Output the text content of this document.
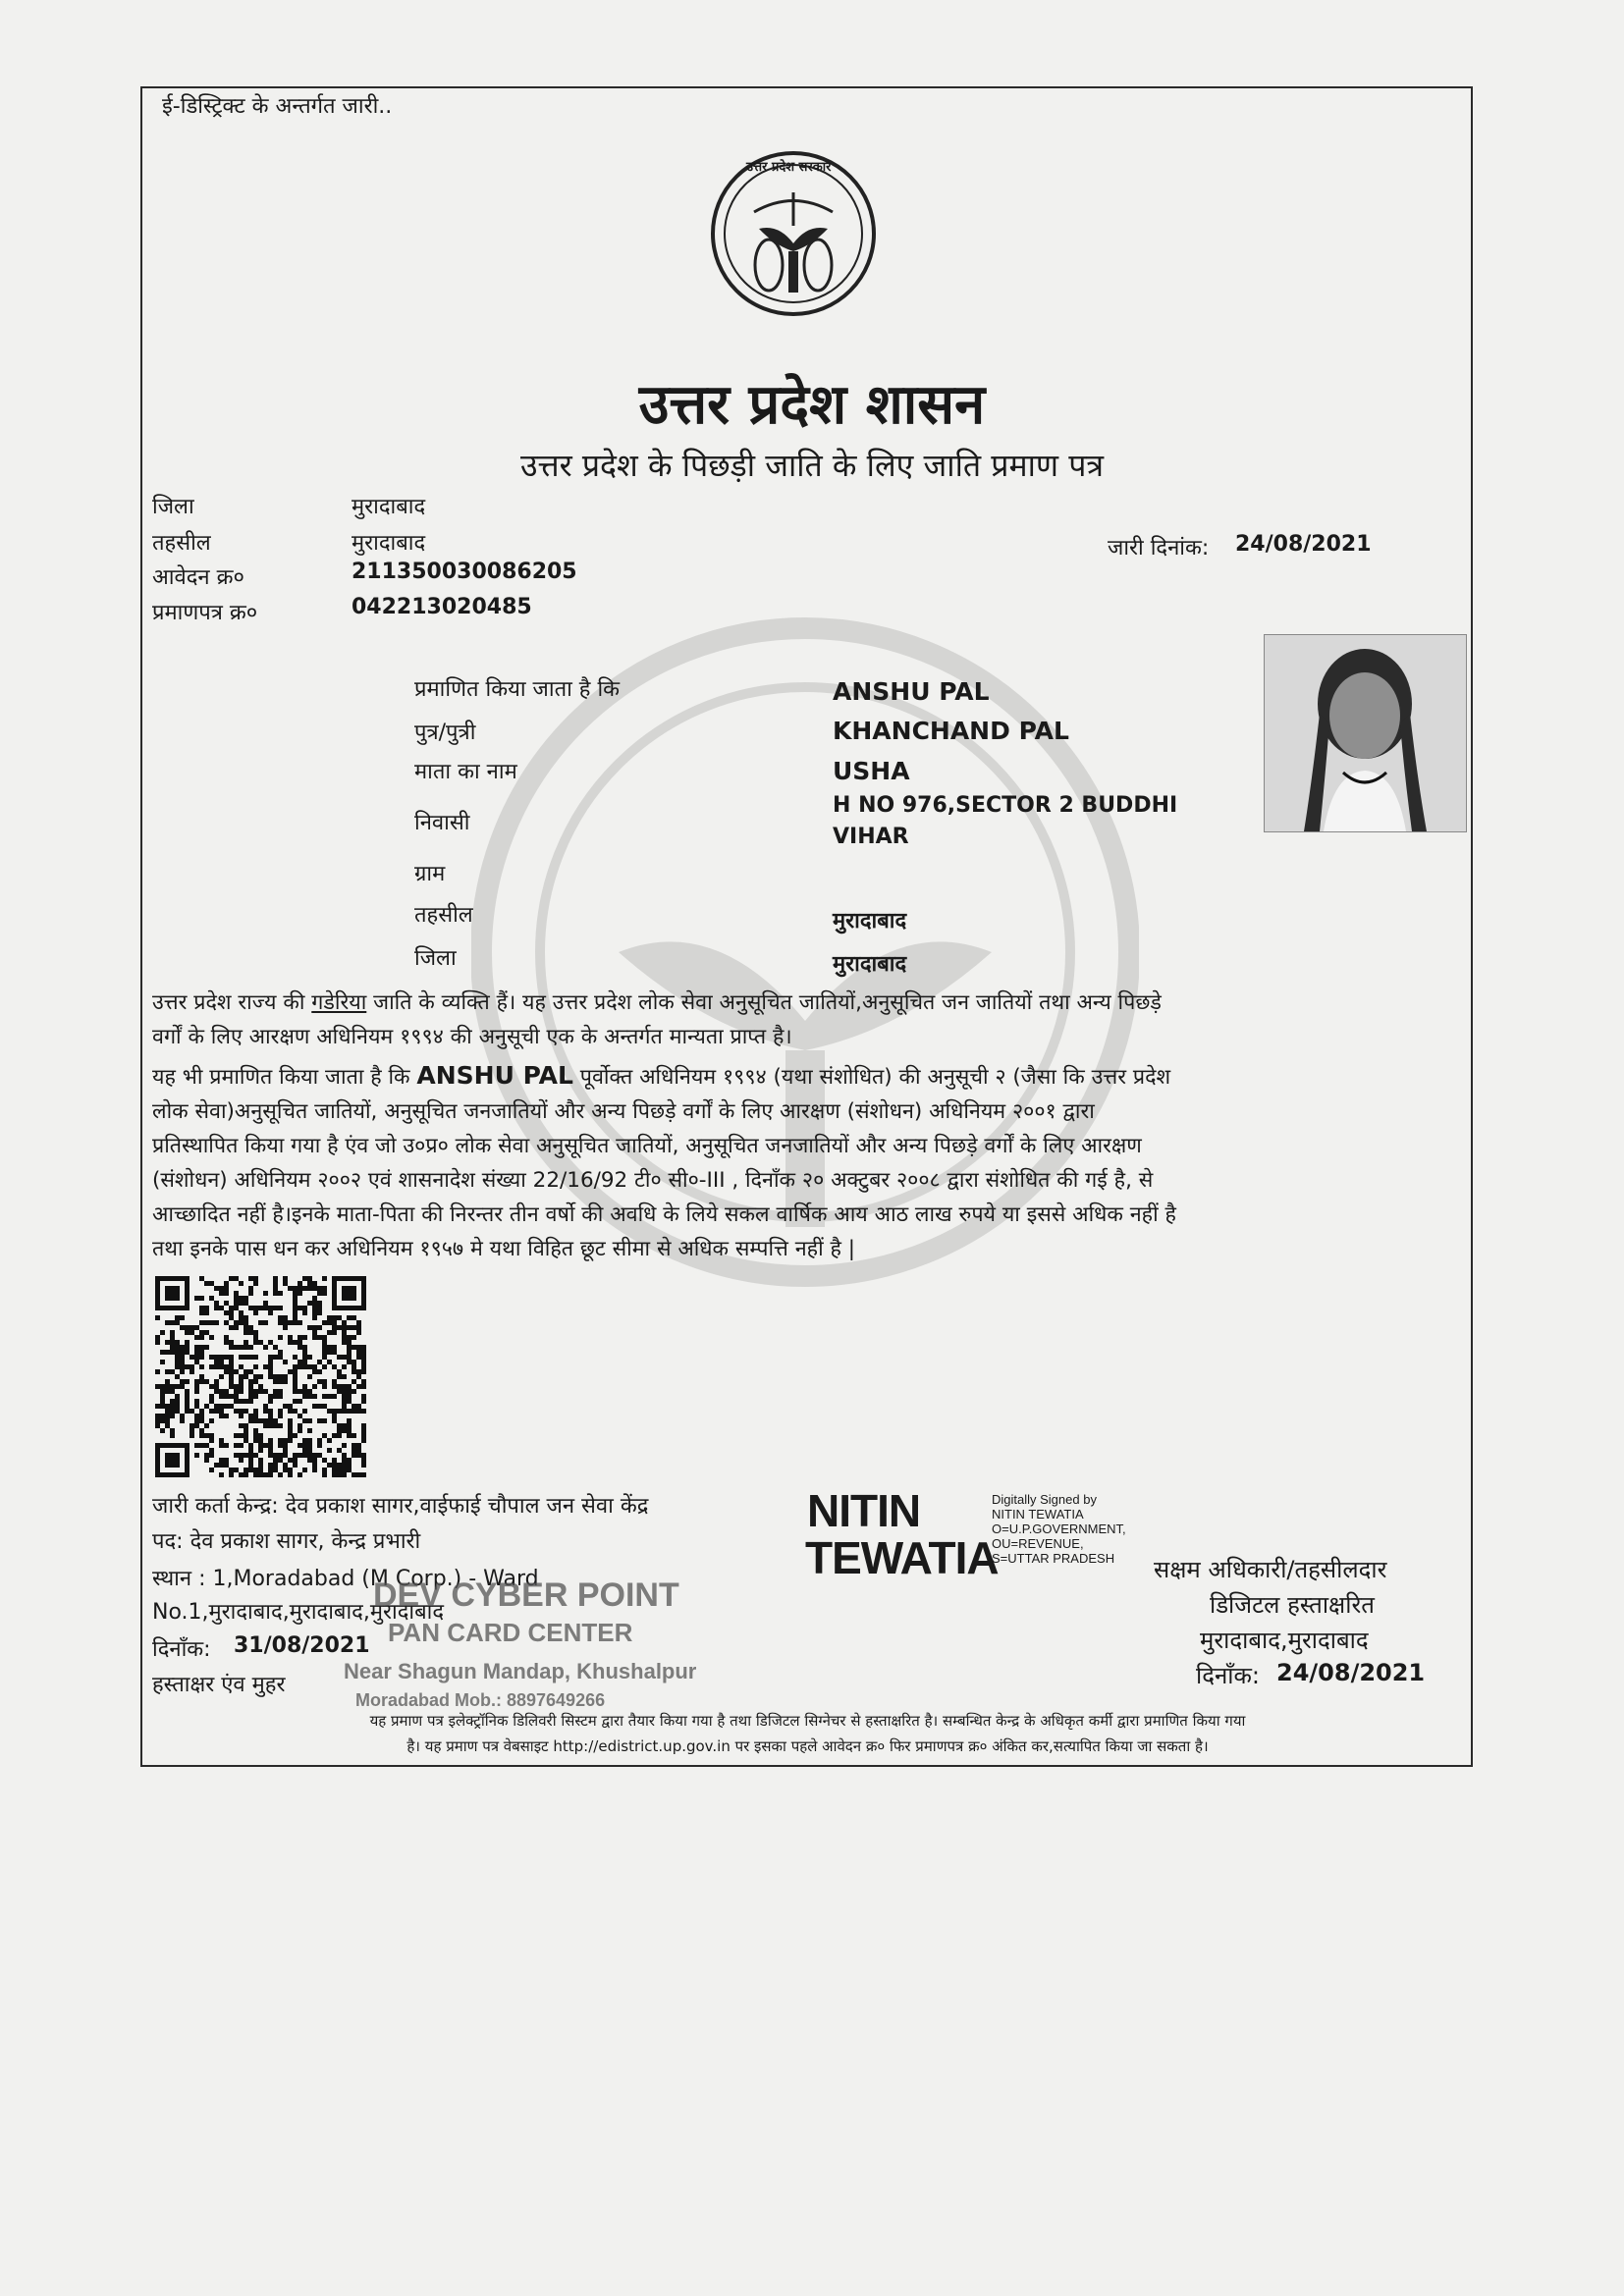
ई-डिस्ट्रिक्ट के अन्तर्गत जारी..
उत्तर प्रदेश सरकार
उत्तर प्रदेश शासन
उत्तर प्रदेश के पिछड़ी जाति के लिए जाति प्रमाण पत्र
जिला	मुरादाबाद
तहसील	मुरादाबाद
आवेदन क्र०	21135003008620​5
प्रमाणपत्र क्र०	042213020485
जारी दिनांक: 24/08/2021
प्रमाणित किया जाता है कि	ANSHU PAL
पुत्र/पुत्री	KHANCHAND PAL
माता का नाम	USHA
निवासी
H NO 976,SECTOR 2 BUDDHI
VIHAR
ग्राम
तहसील	मुरादाबाद
जिला	मुरादाबाद
उत्तर प्रदेश राज्य की गडेरिया जाति के व्यक्ति हैं। यह उत्तर प्रदेश लोक सेवा अनुसूचित जातियों,अनुसूचित जन जातियों तथा अन्य पिछड़े
वर्गों के लिए आरक्षण अधिनियम १९९४ की अनुसूची एक के अन्तर्गत मान्यता प्राप्त है।
यह भी प्रमाणित किया जाता है कि ANSHU PAL पूर्वोक्त अधिनियम १९९४ (यथा संशोधित) की अनुसूची २ (जैसा कि उत्तर प्रदेश
लोक सेवा)अनुसूचित जातियों, अनुसूचित जनजातियों और अन्य पिछड़े वर्गों के लिए आरक्षण (संशोधन) अधिनियम २००१ द्वारा
प्रतिस्थापित किया गया है एंव जो उ०प्र० लोक सेवा अनुसूचित जातियों, अनुसूचित जनजातियों और अन्य पिछड़े वर्गों के लिए आरक्षण
(संशोधन) अधिनियम २००२ एवं शासनादेश संख्या 22/16/92 टी० सी०-III , दिनाँक २० अक्टुबर २००८ द्वारा संशोधित की गई है, से
आच्छादित नहीं है।इनके माता-पिता की निरन्तर तीन वर्षो की अवधि के लिये सकल वार्षिक आय आठ लाख रुपये या इससे अधिक नहीं है
तथा इनके पास धन कर अधिनियम १९५७ मे यथा विहित छूट सीमा से अधिक सम्पत्ति नहीं है |
जारी कर्ता केन्द्र: देव प्रकाश सागर,वाईफाई चौपाल जन सेवा केंद्र
पद: देव प्रकाश सागर, केन्द्र प्रभारी
स्थान : 1,Moradabad (M Corp.) - Ward
No.1,मुरादाबाद,मुरादाबाद,मुरादाबाद
दिनाँक: 31/08/2021
हस्ताक्षर एंव मुहर
DEV CYBER POINT
PAN CARD CENTER
Near Shagun Mandap, Khushalpur
Moradabad Mob.: 8897649266
NITIN
TEWATIA
Digitally Signed by
NITIN TEWATIA
O=U.P.GOVERNMENT,
OU=REVENUE,
S=UTTAR PRADESH	सक्षम अधिकारी/तहसीलदार
डिजिटल हस्ताक्षरित
मुरादाबाद,मुरादाबाद
दिनाँक: 24/08/2021
यह प्रमाण पत्र इलेक्ट्रॉनिक डिलिवरी सिस्टम द्वारा तैयार किया गया है तथा डिजिटल सिग्नेचर से हस्ताक्षरित है। सम्बन्धित केन्द्र के अधिकृत कर्मी द्वारा प्रमाणित किया गया
है। यह प्रमाण पत्र वेबसाइट http://edistrict.up.gov.in पर इसका पहले आवेदन क्र० फिर प्रमाणपत्र क्र० अंकित कर,सत्यापित किया जा सकता है।
